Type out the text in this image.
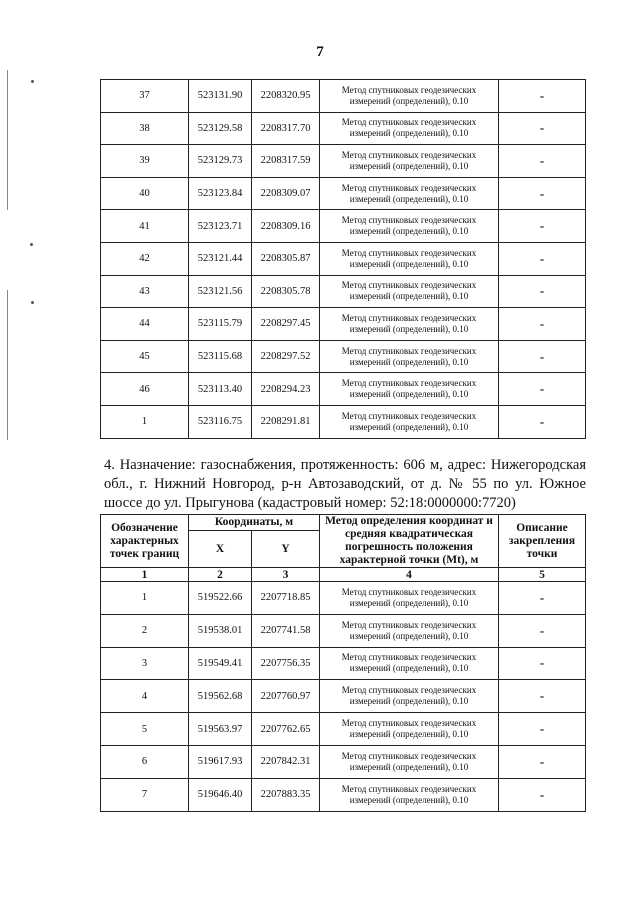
7
37	523131.90	2208320.95	Метод спутниковых геодезических измерений (определений), 0.10	-
38	523129.58	2208317.70	Метод спутниковых геодезических измерений (определений), 0.10	-
39	523129.73	2208317.59	Метод спутниковых геодезических измерений (определений), 0.10	-
40	523123.84	2208309.07	Метод спутниковых геодезических измерений (определений), 0.10	-
41	523123.71	2208309.16	Метод спутниковых геодезических измерений (определений), 0.10	-
42	523121.44	2208305.87	Метод спутниковых геодезических измерений (определений), 0.10	-
43	523121.56	2208305.78	Метод спутниковых геодезических измерений (определений), 0.10	-
44	523115.79	2208297.45	Метод спутниковых геодезических измерений (определений), 0.10	-
45	523115.68	2208297.52	Метод спутниковых геодезических измерений (определений), 0.10	-
46	523113.40	2208294.23	Метод спутниковых геодезических измерений (определений), 0.10	-
1	523116.75	2208291.81	Метод спутниковых геодезических измерений (определений), 0.10	-

4. Назначение: газоснабжения, протяженность: 606 м, адрес: Нижегородская обл., г. Нижний Новгород, р-н Автозаводский, от д. № 55 по ул. Южное шоссе до ул. Прыгунова (кадастровый номер: 52:18:0000000:7720)

Обозначение характерных точек границ	Координаты, м		Метод определения координат и средняя квадратическая погрешность положения характерной точки (Mt), м	Описание закрепления точки
	X	Y		
1	2	3	4	5
1	519522.66	2207718.85	Метод спутниковых геодезических измерений (определений), 0.10	-
2	519538.01	2207741.58	Метод спутниковых геодезических измерений (определений), 0.10	-
3	519549.41	2207756.35	Метод спутниковых геодезических измерений (определений), 0.10	-
4	519562.68	2207760.97	Метод спутниковых геодезических измерений (определений), 0.10	-
5	519563.97	2207762.65	Метод спутниковых геодезических измерений (определений), 0.10	-
6	519617.93	2207842.31	Метод спутниковых геодезических измерений (определений), 0.10	-
7	519646.40	2207883.35	Метод спутниковых геодезических измерений (определений), 0.10	-
